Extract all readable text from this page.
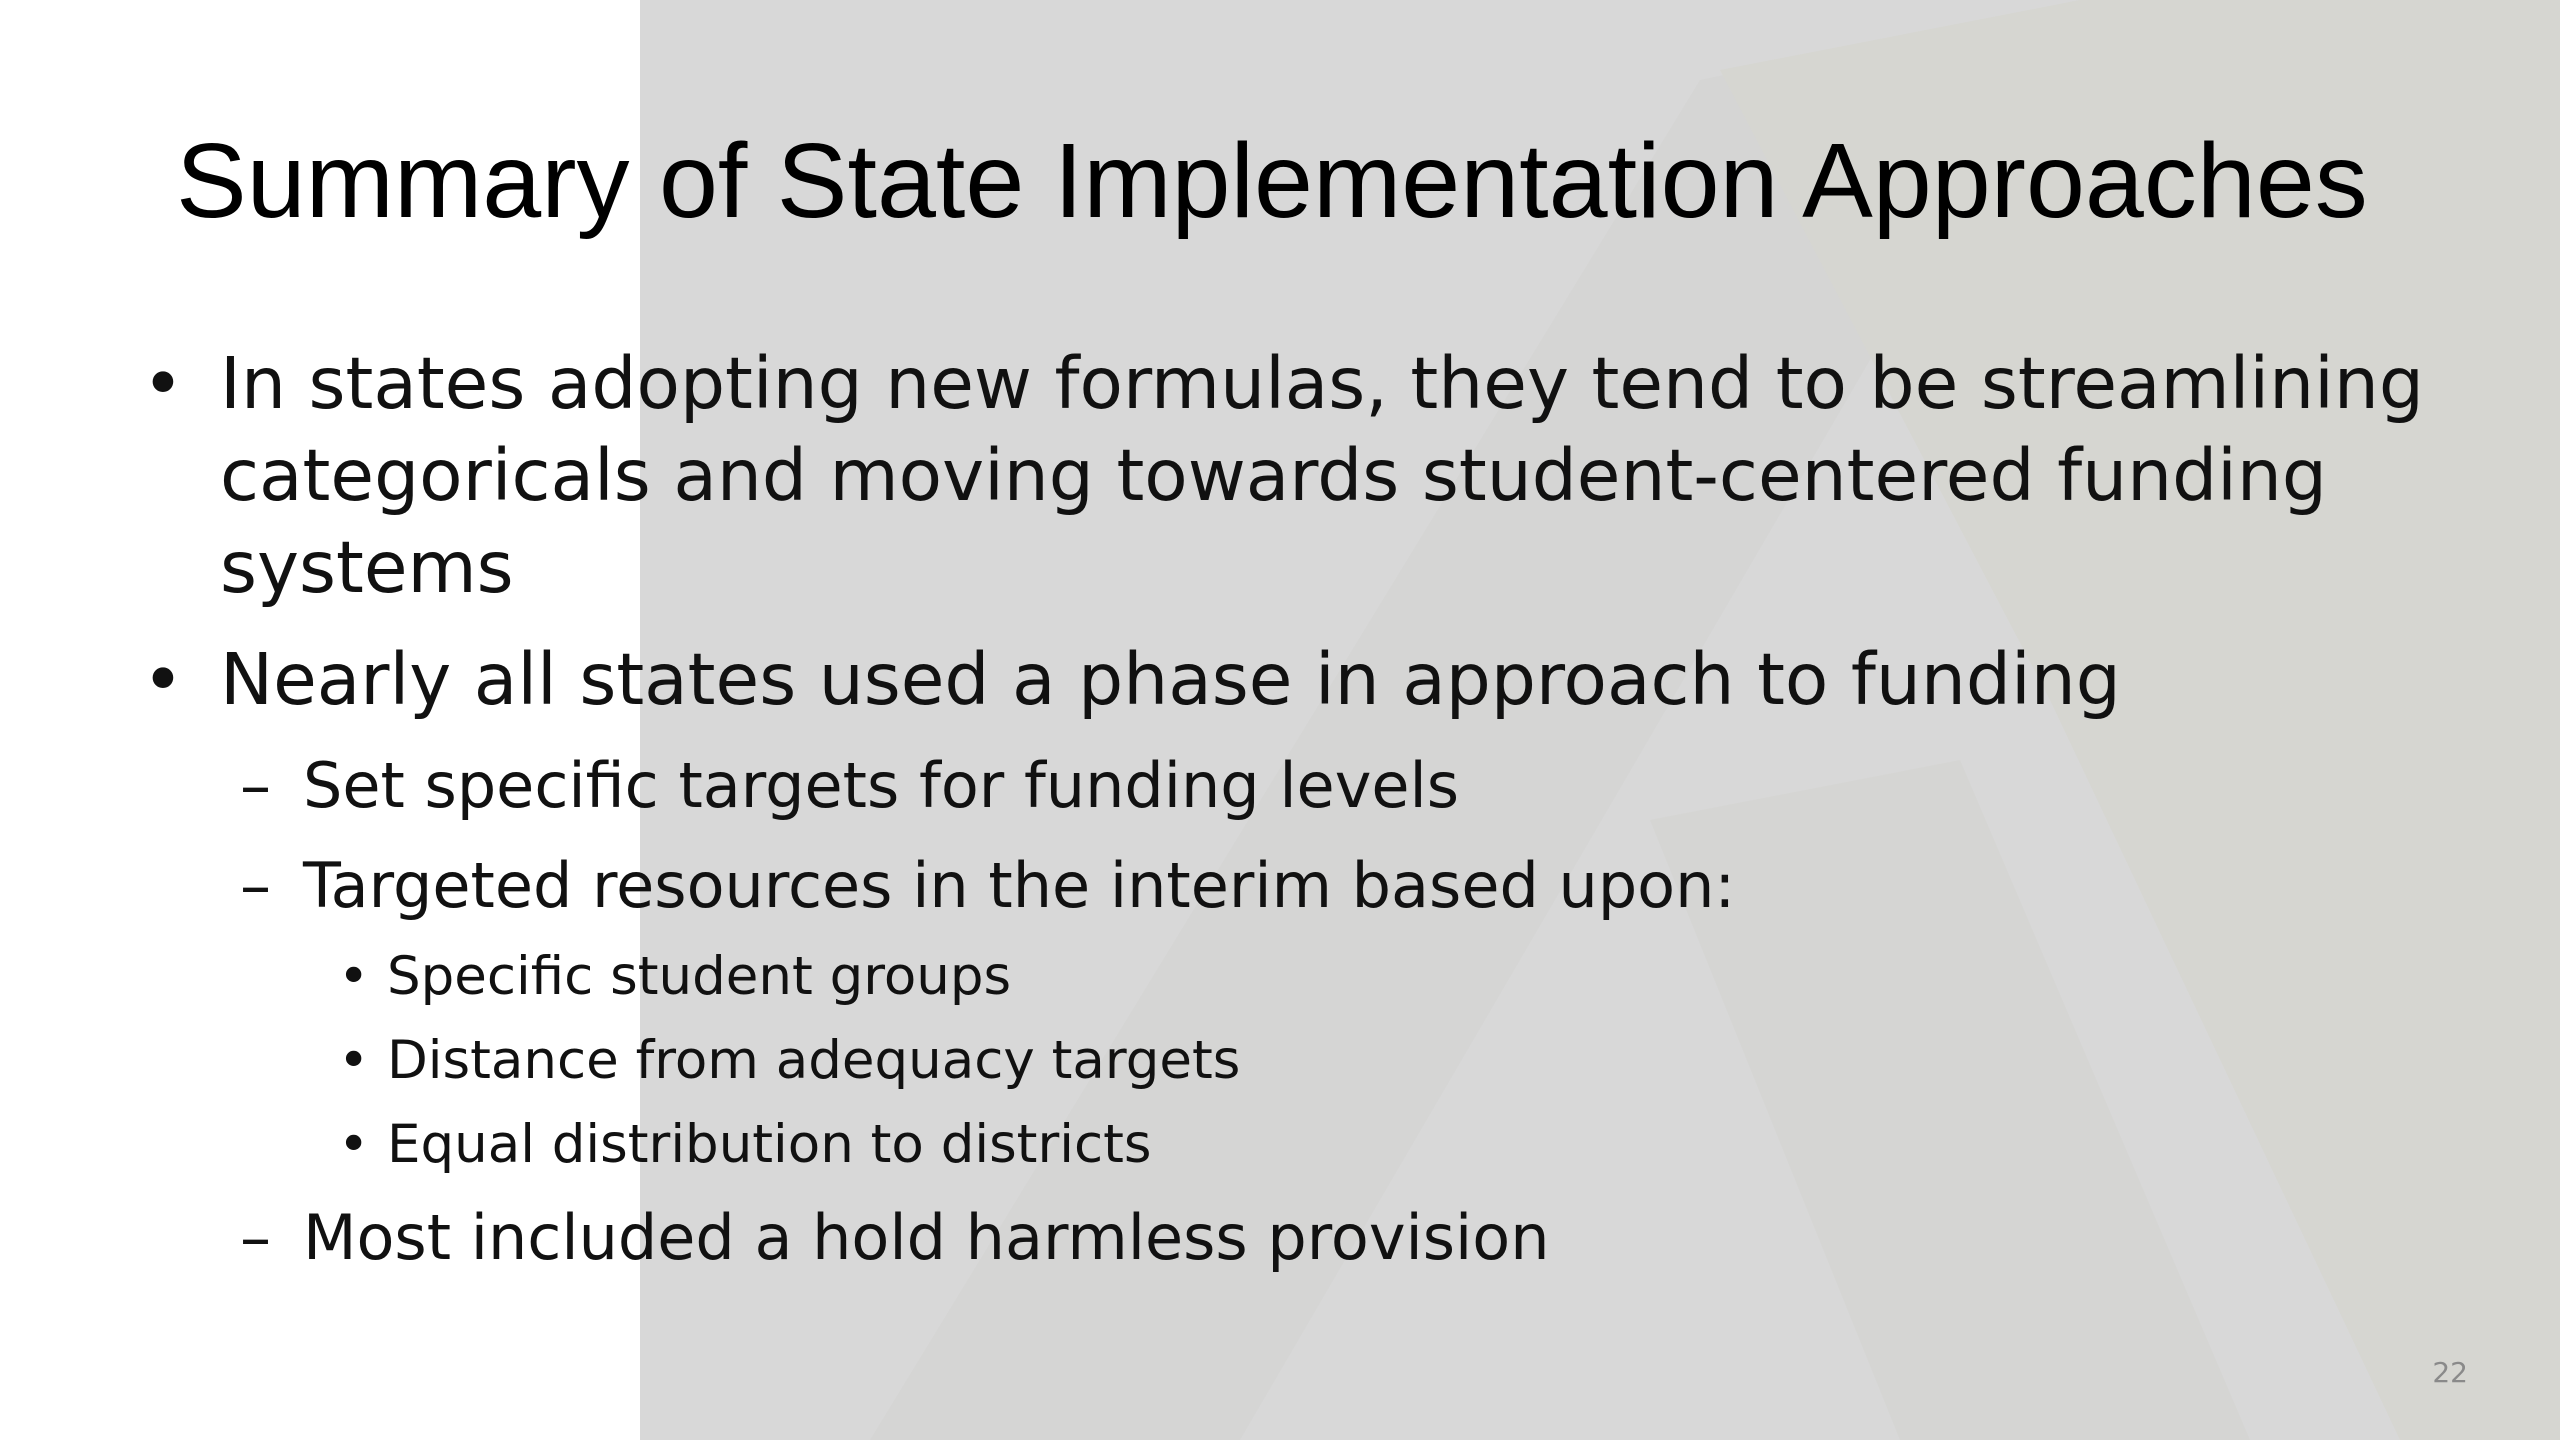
Summary of State Implementation Approaches
• In states adopting new formulas, they tend to be streamlining categoricals and moving towards student-centered funding systems
• Nearly all states used a phase in approach to funding
– Set specific targets for funding levels
– Targeted resources in the interim based upon:
• Specific student groups
• Distance from adequacy targets
• Equal distribution to districts
– Most included a hold harmless provision
22
